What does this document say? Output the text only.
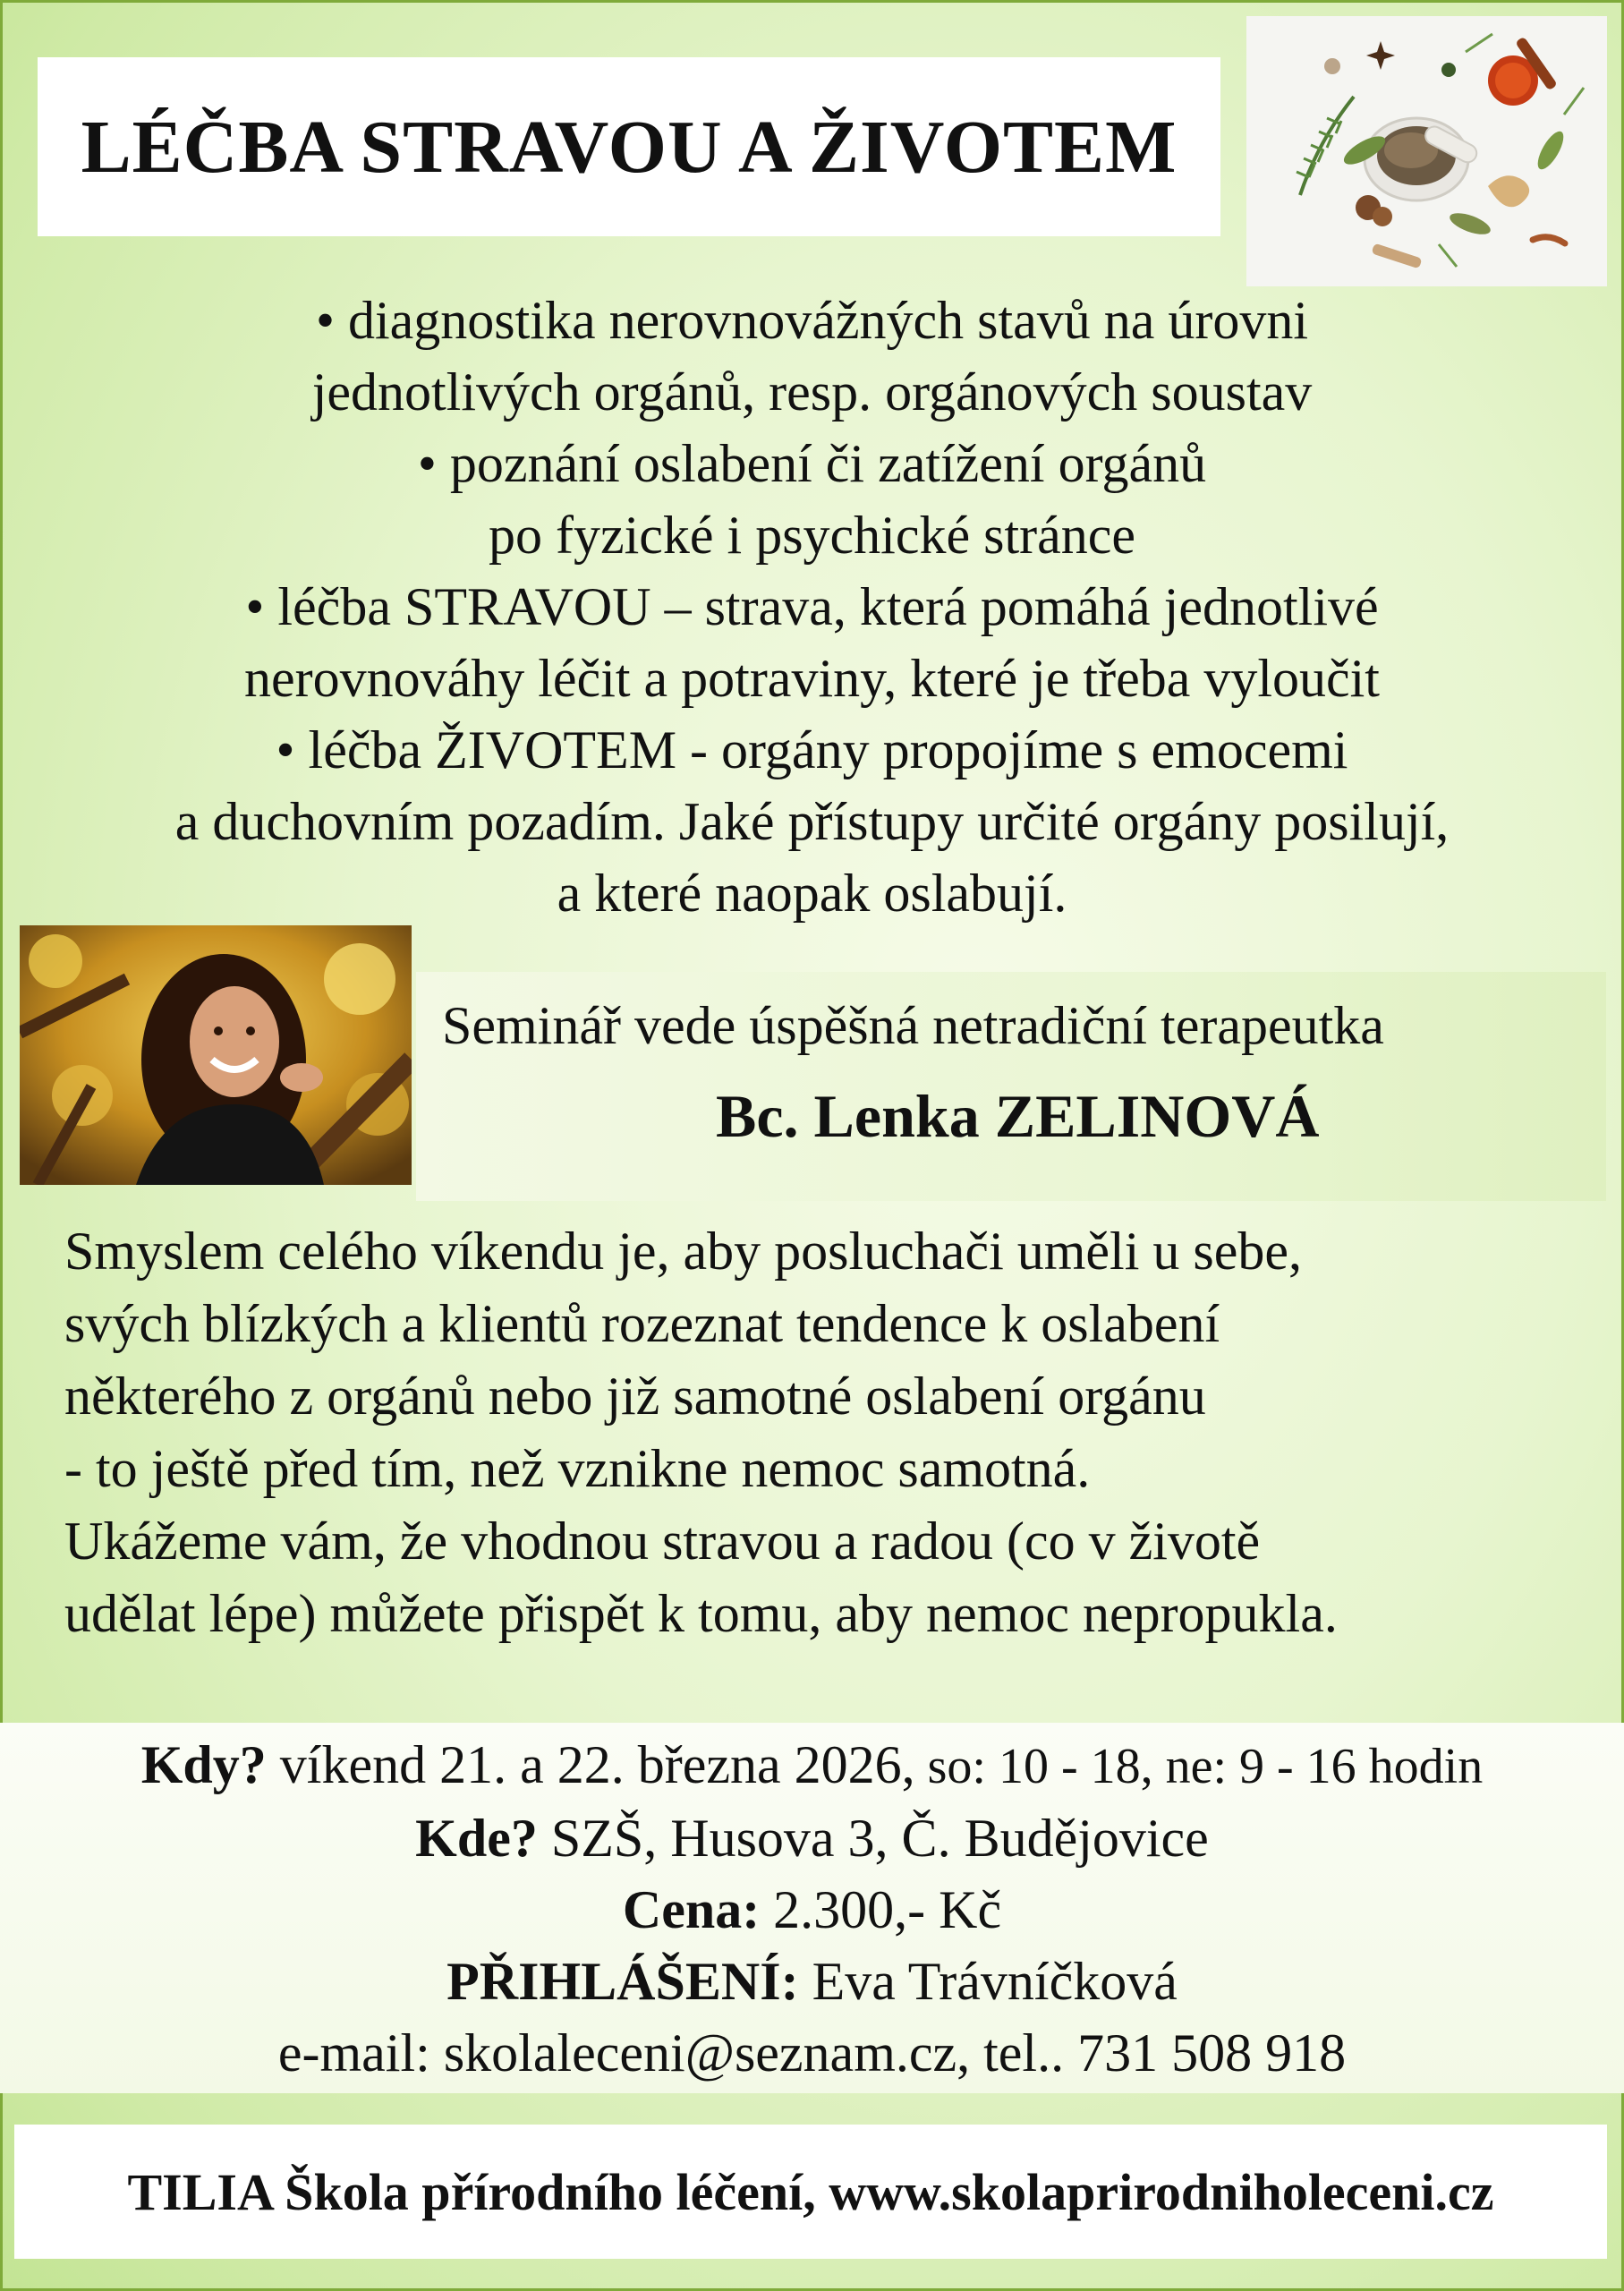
LÉČBA STRAVOU A ŽIVOTEM
• diagnostika nerovnovážných stavů na úrovni
jednotlivých orgánů, resp. orgánových soustav
• poznání oslabení či zatížení orgánů
po fyzické i psychické stránce
• léčba STRAVOU – strava, která pomáhá jednotlivé
nerovnováhy léčit a potraviny, které je třeba vyloučit
• léčba ŽIVOTEM - orgány propojíme s emocemi
a duchovním pozadím. Jaké přístupy určité orgány posilují,
a které naopak oslabují.
Seminář vede úspěšná netradiční terapeutka
Bc. Lenka ZELINOVÁ
Smyslem celého víkendu je, aby posluchači uměli u sebe,
svých blízkých a klientů rozeznat tendence k oslabení
některého z orgánů nebo již samotné oslabení orgánu
- to ještě před tím, než vznikne nemoc samotná.
Ukážeme vám, že vhodnou stravou a radou (co v životě
udělat lépe) můžete přispět k tomu, aby nemoc nepropukla.
Kdy? víkend 21. a 22. března 2026, so: 10 - 18, ne: 9 - 16 hodin
Kde? SZŠ, Husova 3, Č. Budějovice
Cena: 2.300,- Kč
PŘIHLÁŠENÍ: Eva Trávníčková
e-mail: skolaleceni@seznam.cz, tel.. 731 508 918
TILIA Škola přírodního léčení, www.skolaprirodniholeceni.cz
